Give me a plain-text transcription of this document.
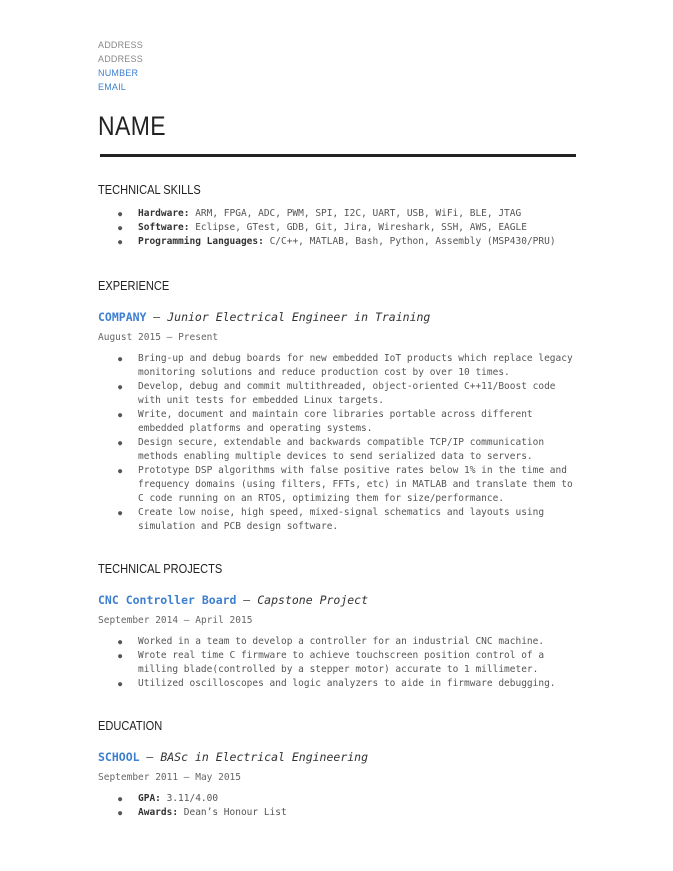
ADDRESS
ADDRESS
NUMBER
EMAIL
NAME
TECHNICAL SKILLS
● Hardware: ARM, FPGA, ADC, PWM, SPI, I2C, UART, USB, WiFi, BLE, JTAG
● Software: Eclipse, GTest, GDB, Git, Jira, Wireshark, SSH, AWS, EAGLE
● Programming Languages: C/C++, MATLAB, Bash, Python, Assembly (MSP430/PRU)
EXPERIENCE
COMPANY — Junior Electrical Engineer in Training
August 2015 – Present
● Bring-up and debug boards for new embedded IoT products which replace legacy monitoring solutions and reduce production cost by over 10 times.
● Develop, debug and commit multithreaded, object-oriented C++11/Boost code with unit tests for embedded Linux targets.
● Write, document and maintain core libraries portable across different embedded platforms and operating systems.
● Design secure, extendable and backwards compatible TCP/IP communication methods enabling multiple devices to send serialized data to servers.
● Prototype DSP algorithms with false positive rates below 1% in the time and frequency domains (using filters, FFTs, etc) in MATLAB and translate them to C code running on an RTOS, optimizing them for size/performance.
● Create low noise, high speed, mixed-signal schematics and layouts using simulation and PCB design software.
TECHNICAL PROJECTS
CNC Controller Board — Capstone Project
September 2014 – April 2015
● Worked in a team to develop a controller for an industrial CNC machine.
● Wrote real time C firmware to achieve touchscreen position control of a milling blade(controlled by a stepper motor) accurate to 1 millimeter.
● Utilized oscilloscopes and logic analyzers to aide in firmware debugging.
EDUCATION
SCHOOL — BASc in Electrical Engineering
September 2011 – May 2015
● GPA: 3.11/4.00
● Awards: Dean’s Honour List
